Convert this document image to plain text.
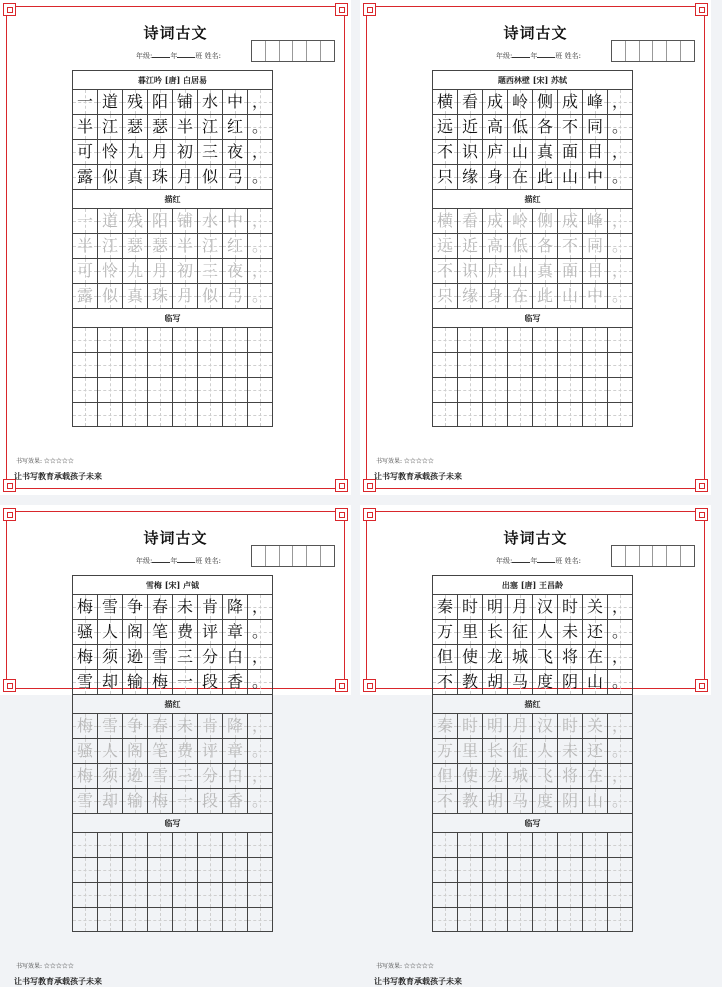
诗词古文
年级:	年	班 姓名:
暮江吟 [唐] 白居易
一 道 残 阳 铺 水 中 ，
半 江 瑟 瑟 半 江 红 。
可 怜 九 月 初 三 夜 ，
露 似 真 珠 月 似 弓 。
描红
一 道 残 阳 铺 水 中 ，
半 江 瑟 瑟 半 江 红 。
可 怜 九 月 初 三 夜 ，
露 似 真 珠 月 似 弓 。
临写
书写效果: ☆☆☆☆☆
让书写教育承载孩子未来
诗词古文
年级:	年	班 姓名:
题西林壁 [宋] 苏轼
横 看 成 岭 侧 成 峰 ，
远 近 高 低 各 不 同 。
不 识 庐 山 真 面 目 ，
只 缘 身 在 此 山 中 。
描红
横 看 成 岭 侧 成 峰 ，
远 近 高 低 各 不 同 。
不 识 庐 山 真 面 目 ，
只 缘 身 在 此 山 中 。
临写
书写效果: ☆☆☆☆☆
让书写教育承载孩子未来
诗词古文
年级:	年	班 姓名:
雪梅 [宋] 卢钺
梅 雪 争 春 未 肯 降 ，
骚 人 阁 笔 费 评 章 。
梅 须 逊 雪 三 分 白 ，
雪 却 输 梅 一 段 香 。
描红
梅 雪 争 春 未 肯 降 ，
骚 人 阁 笔 费 评 章 。
梅 须 逊 雪 三 分 白 ，
雪 却 输 梅 一 段 香 。
临写
书写效果: ☆☆☆☆☆
让书写教育承载孩子未来
诗词古文
年级:	年	班 姓名:
出塞 [唐] 王昌龄
秦 时 明 月 汉 时 关 ，
万 里 长 征 人 未 还 。
但 使 龙 城 飞 将 在 ，
不 教 胡 马 度 阴 山 。
描红
秦 时 明 月 汉 时 关 ，
万 里 长 征 人 未 还 。
但 使 龙 城 飞 将 在 ，
不 教 胡 马 度 阴 山 。
临写
书写效果: ☆☆☆☆☆
让书写教育承载孩子未来
